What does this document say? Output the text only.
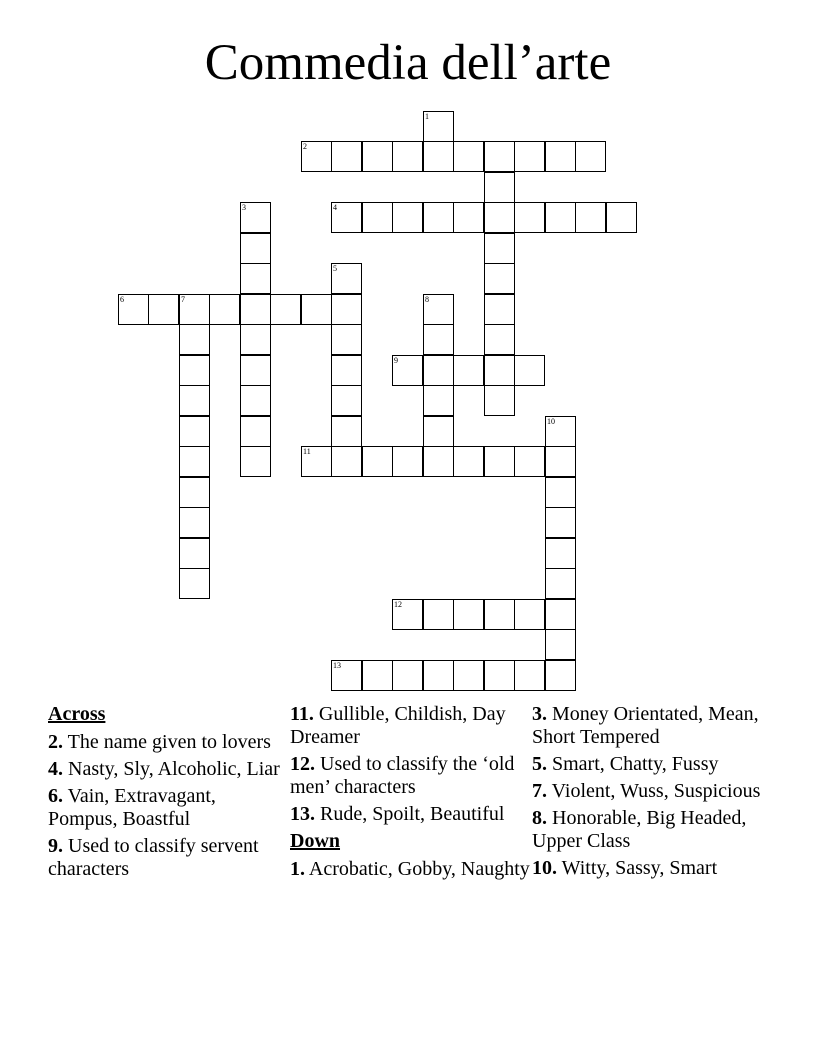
Commedia dell’arte
1
2
3	4
5
6	7	8
9
10
11
12
13
Across
2. The name given to lovers
4. Nasty, Sly, Alcoholic, Liar
6. Vain, Extravagant, Pompus, Boastful
9. Used to classify servent characters
11. Gullible, Childish, Day Dreamer
12. Used to classify the ‘old men’ characters
13. Rude, Spoilt, Beautiful
Down
1. Acrobatic, Gobby, Naughty
3. Money Orientated, Mean, Short Tempered
5. Smart, Chatty, Fussy
7. Violent, Wuss, Suspicious
8. Honorable, Big Headed, Upper Class
10. Witty, Sassy, Smart
